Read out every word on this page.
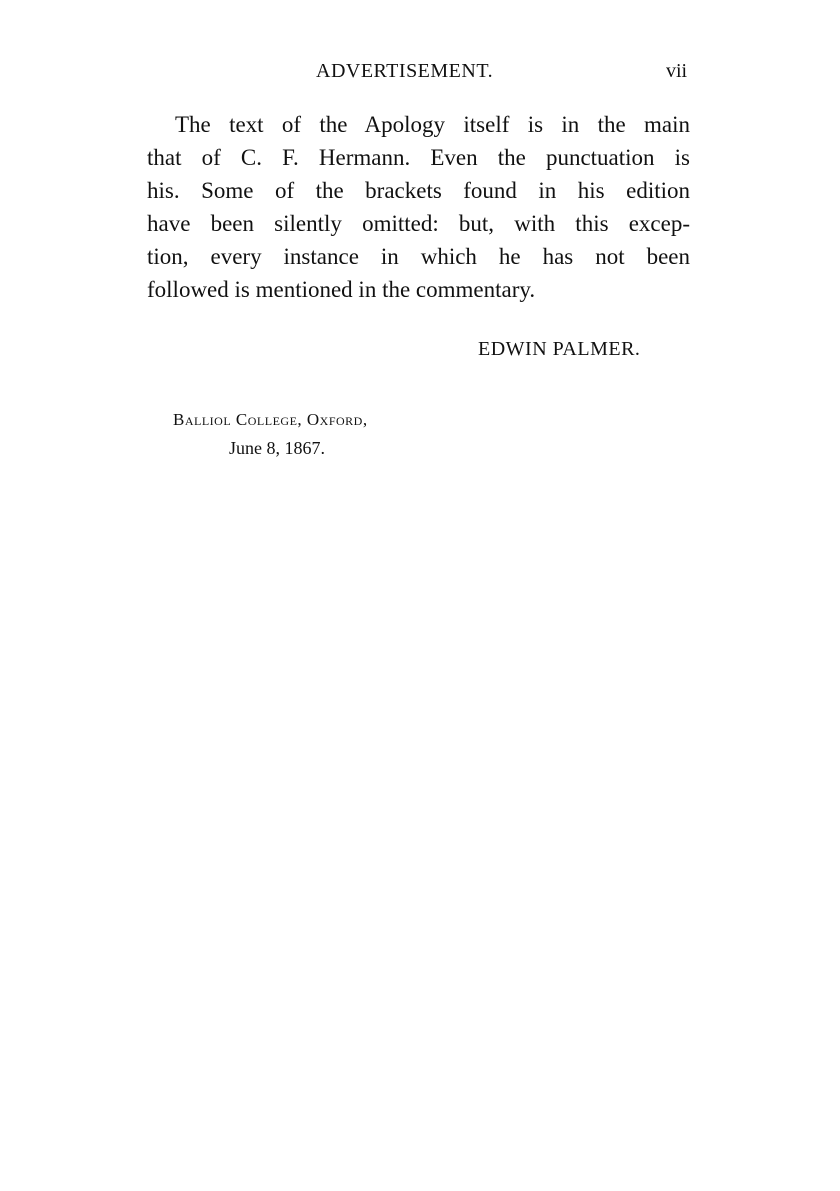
ADVERTISEMENT.	vii
The text of the Apology itself is in the main
that of C. F. Hermann. Even the punctuation is
his. Some of the brackets found in his edition
have been silently omitted: but, with this excep-
tion, every instance in which he has not been
followed is mentioned in the commentary.
EDWIN PALMER.
Balliol College, Oxford,
June 8, 1867.
